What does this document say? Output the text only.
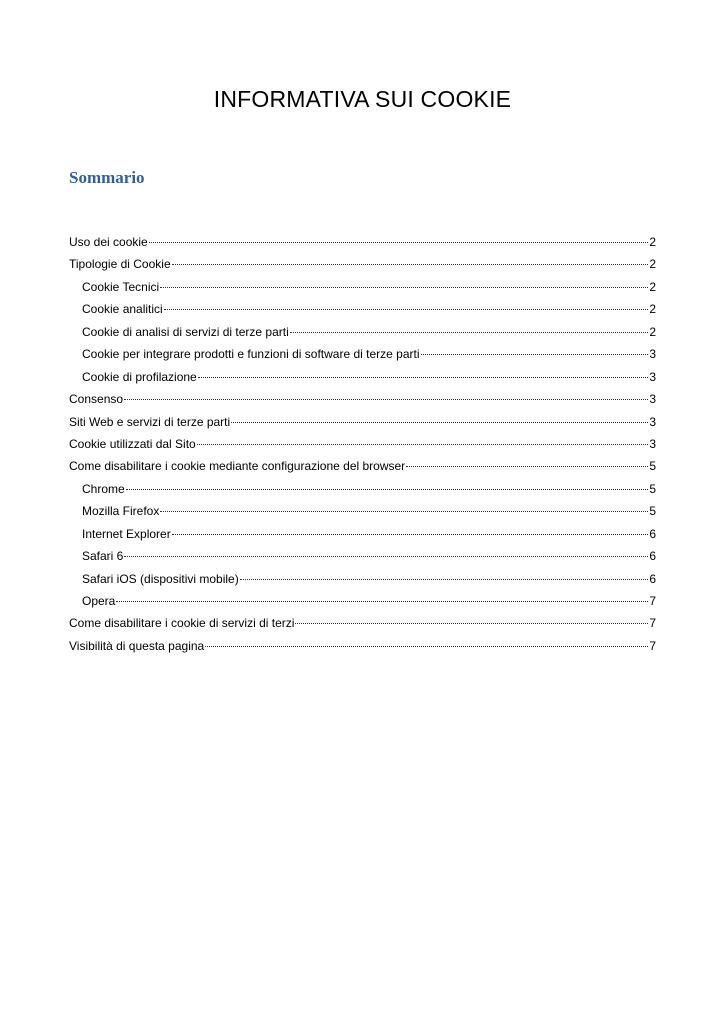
INFORMATIVA SUI COOKIE
Sommario
Uso dei cookie	2
Tipologie di Cookie	2
Cookie Tecnici	2
Cookie analitici	2
Cookie di analisi di servizi di terze parti	2
Cookie per integrare prodotti e funzioni di software di terze parti	3
Cookie di profilazione	3
Consenso	3
Siti Web e servizi di terze parti	3
Cookie utilizzati dal Sito	3
Come disabilitare i cookie mediante configurazione del browser	5
Chrome	5
Mozilla Firefox	5
Internet Explorer	6
Safari 6	6
Safari iOS (dispositivi mobile)	6
Opera	7
Come disabilitare i cookie di servizi di terzi	7
Visibilità di questa pagina	7
